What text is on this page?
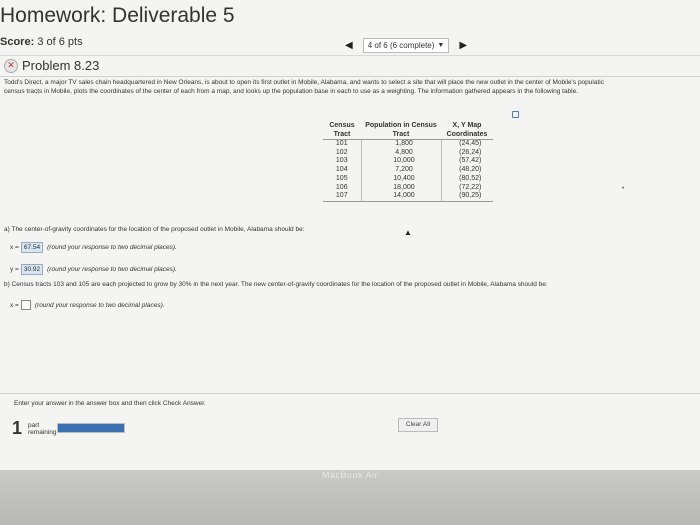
Homework: Deliverable 5
Score: 3 of 6 pts	◀ 4 of 6 (6 complete) ▼ ▶
✕ Problem 8.23
Todd's Direct, a major TV sales chain headquartered in New Orleans, is about to open its first outlet in Mobile, Alabama, and wants to select a site that will place the new outlet in the center of Mobile's populatic
census tracts in Mobile, plots the coordinates of the center of each from a map, and looks up the population base in each to use as a weighting. The information gathered appears in the following table.
Census Tract	Population in Census Tract	X, Y Map Coordinates
101	1,800	(24,45)
102	4,800	(26,24)
103	10,000	(57,42)
104	7,200	(48,20)
105	10,400	(80,52)
106	18,000	(72,22)
107	14,000	(90,25)
•
a) The center-of-gravity coordinates for the location of the proposed outlet in Mobile, Alabama should be:
x = 67.54	(round your response to two decimal places).
▲
y = 30.92	(round your response to two decimal places).
b) Census tracts 103 and 105 are each projected to grow by 30% in the next year. The new center-of-gravity coordinates for the location of the proposed outlet in Mobile, Alabama should be:
x = (round your response to two decimal places).
Enter your answer in the answer box and then click Check Answer.
1 part
remaining
Clear All
MacBook Air
